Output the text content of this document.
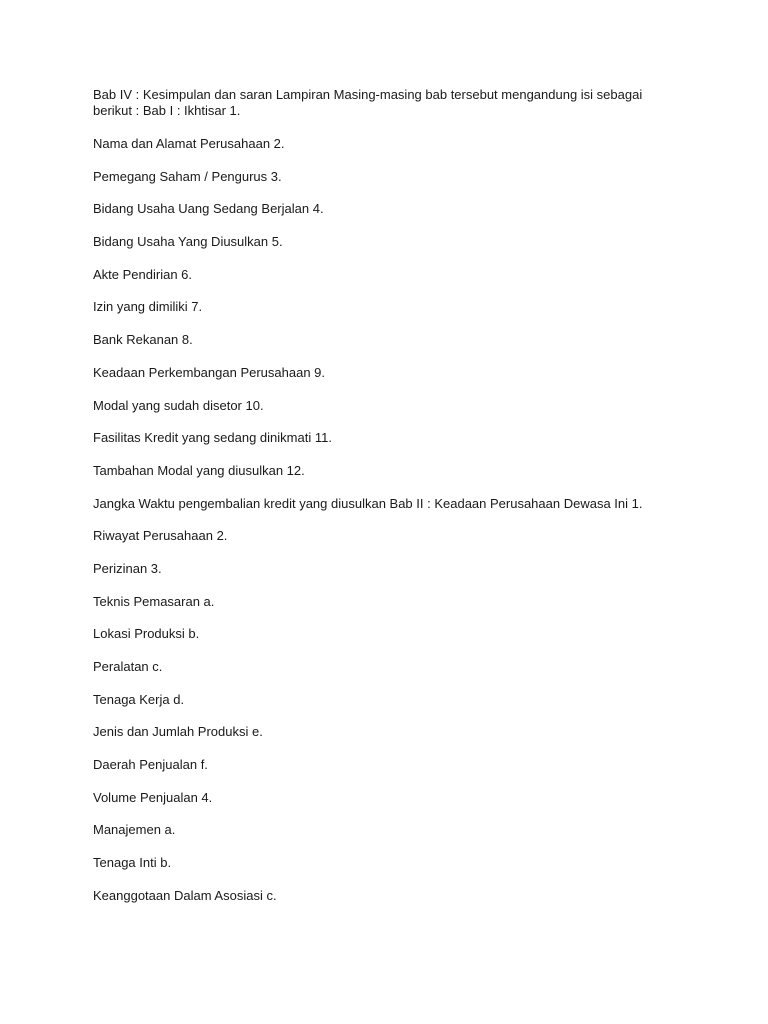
Bab IV : Kesimpulan dan saran Lampiran Masing-masing bab tersebut mengandung isi sebagai berikut : Bab I : Ikhtisar 1.

Nama dan Alamat Perusahaan 2.

Pemegang Saham / Pengurus 3.

Bidang Usaha Uang Sedang Berjalan 4.

Bidang Usaha Yang Diusulkan 5.

Akte Pendirian 6.

Izin yang dimiliki 7.

Bank Rekanan 8.

Keadaan Perkembangan Perusahaan 9.

Modal yang sudah disetor 10.

Fasilitas Kredit yang sedang dinikmati 11.

Tambahan Modal yang diusulkan 12.

Jangka Waktu pengembalian kredit yang diusulkan Bab II : Keadaan Perusahaan Dewasa Ini 1.

Riwayat Perusahaan 2.

Perizinan 3.

Teknis Pemasaran a.

Lokasi Produksi b.

Peralatan c.

Tenaga Kerja d.

Jenis dan Jumlah Produksi e.

Daerah Penjualan f.

Volume Penjualan 4.

Manajemen a.

Tenaga Inti b.

Keanggotaan Dalam Asosiasi c.
